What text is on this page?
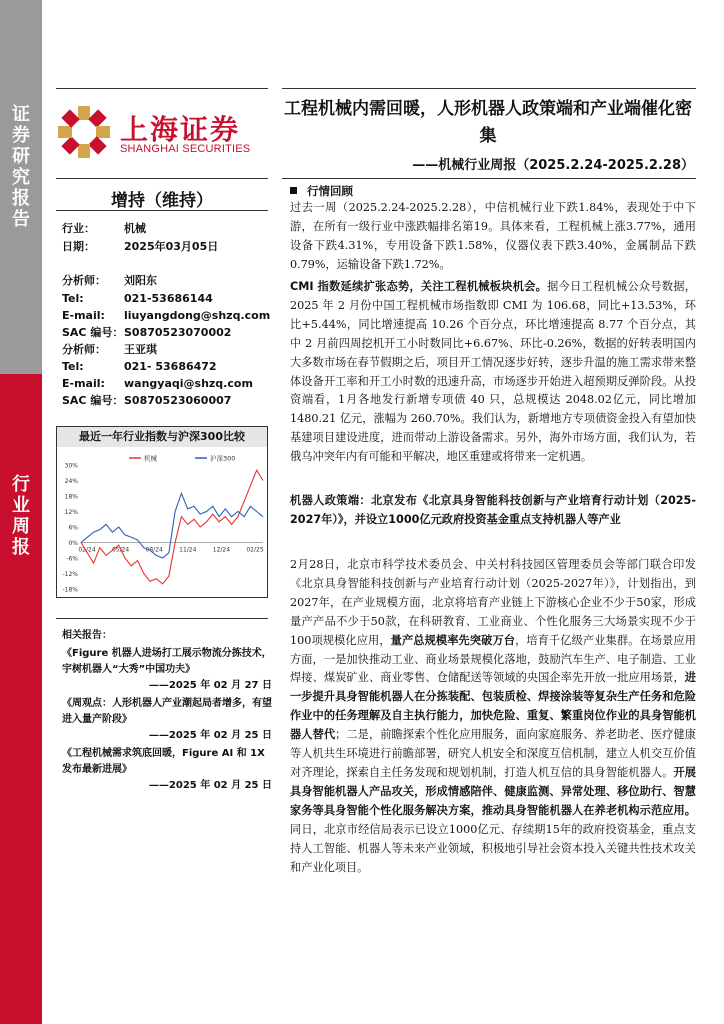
证券研究报告
行业周报
上海证券
SHANGHAI SECURITIES
工程机械内需回暖，人形机器人政策端和产业端催化密集
——机械行业周报（2025.2.24-2025.2.28）
增持（维持）
行业：	机械
日期：	2025年03月05日
分析师： 刘阳东
Tel:	021-53686144
E-mail: liuyangdong@shzq.com
SAC 编号：S0870523070002
分析师： 王亚琪
Tel:	021- 53686472
E-mail: wangyaqi@shzq.com
SAC 编号：S0870523060007
最近一年行业指数与沪深300比较
30%
24%
18%
12%
6%
0%
-6%
-12%
-18%
02/24	05/24	08/24	11/24	12/24	02/25
机械	沪深300
相关报告：
《Figure 机器人进场打工展示物流分拣技术，宇树机器人“大秀”中国功夫》
——2025 年 02 月 27 日
《周观点：人形机器人产业潮起局者增多，有望进入量产阶段》
——2025 年 02 月 25 日
《工程机械需求筑底回暖，Figure AI 和 1X 发布最新进展》
——2025 年 02 月 25 日
行情回顾
过去一周（2025.2.24-2025.2.28），中信机械行业下跌1.84%，表现处于中下游，在所有一级行业中涨跌幅排名第19。具体来看，工程机械上涨3.77%，通用设备下跌4.31%，专用设备下跌1.58%，仪器仪表下跌3.40%，金属制品下跌0.79%，运输设备下跌1.72%。
CMI 指数延续扩张态势，关注工程机械板块机会。据今日工程机械公众号数据，2025 年 2 月份中国工程机械市场指数即 CMI 为 106.68，同比+13.53%，环比+5.44%，同比增速提高 10.26 个百分点，环比增速提高 8.77 个百分点，其中 2 月前四周挖机开工小时数同比+6.67%、环比-0.26%，数据的好转表明国内大多数市场在春节假期之后，项目开工情况逐步好转，逐步升温的施工需求带来整体设备开工率和开工小时数的迅速升高，市场逐步开始进入超预期反弹阶段。从投资端看，1月各地发行新增专项债 40 只，总规模达 2048.02亿元，同比增加 1480.21 亿元，涨幅为 260.70%。我们认为，新增地方专项债资金投入有望加快基建项目建设进度，进而带动上游设备需求。另外，海外市场方面，我们认为，若俄乌冲突年内有可能和平解决，地区重建或将带来一定机遇。
机器人政策端：北京发布《北京具身智能科技创新与产业培育行动计划（2025-2027年）》，并设立1000亿元政府投资基金重点支持机器人等产业
2月28日，北京市科学技术委员会、中关村科技园区管理委员会等部门联合印发《北京具身智能科技创新与产业培育行动计划（2025-2027年）》，计划指出，到2027年，在产业规模方面，北京将培育产业链上下游核心企业不少于50家，形成量产产品不少于50款，在科研教育、工业商业、个性化服务三大场景实现不少于100项规模化应用，量产总规模率先突破万台，培育千亿级产业集群。在场景应用方面，一是加快推动工业、商业场景规模化落地，鼓励汽车生产、电子制造、工业焊接、煤炭矿业、商业零售、仓储配送等领域的央国企率先开放一批应用场景，进一步提升具身智能机器人在分拣装配、包装质检、焊接涂装等复杂生产任务和危险作业中的任务理解及自主执行能力，加快危险、重复、繁重岗位作业的具身智能机器人替代；二是，前瞻探索个性化应用服务，面向家庭服务、养老助老、医疗健康等人机共生环境进行前瞻部署，研究人机安全和深度互信机制，建立人机交互价值对齐理论，探索自主任务发现和规划机制，打造人机互信的具身智能机器人。开展具身智能机器人产品攻关，形成情感陪伴、健康监测、异常处理、移位助行、智慧家务等具身智能个性化服务解决方案，推动具身智能机器人在养老机构示范应用。同日，北京市经信局表示已设立1000亿元、存续期15年的政府投资基金，重点支持人工智能、机器人等未来产业领域，积极地引导社会资本投入关键共性技术攻关和产业化项目。
